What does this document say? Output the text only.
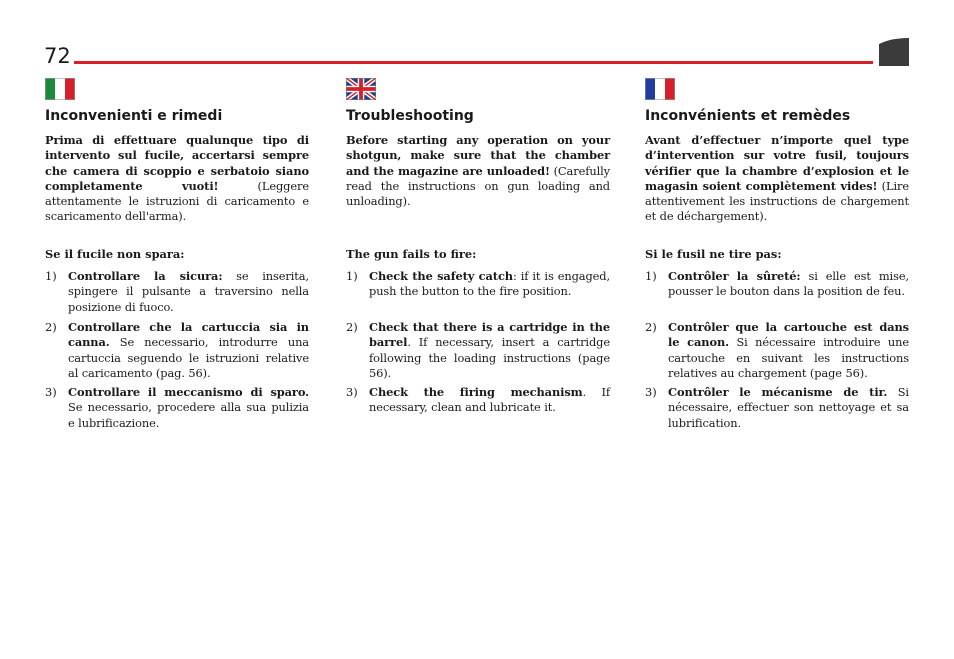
72
Inconvenienti e rimedi

Prima di effettuare qualunque tipo di intervento sul fucile, accertarsi sempre che camera di scoppio e serbatoio siano completamente vuoti! (Leggere attentamente le istruzioni di caricamento e scaricamento dell'arma).

Se il fucile non spara:
1) Controllare la sicura: se inserita, spingere il pulsante a traversino nella posizione di fuoco.

2) Controllare che la cartuccia sia in canna. Se necessario, introdurre una cartuccia seguendo le istruzioni relative al caricamento (pag. 56).

3) Controllare il meccanismo di sparo. Se necessario, procedere alla sua pulizia e lubrificazione.

Troubleshooting

Before starting any operation on your shotgun, make sure that the chamber and the magazine are unloaded! (Carefully read the instructions on gun loading and unloading).

The gun fails to fire:
1) Check the safety catch: if it is engaged, push the button to the fire position.

2) Check that there is a cartridge in the barrel. If necessary, insert a cartridge following the loading instructions (page 56).

3) Check the firing mechanism. If necessary, clean and lubricate it.

Inconvénients et remèdes

Avant d’effectuer n’importe quel type d’intervention sur votre fusil, toujours vérifier que la chambre d’explosion et le magasin soient complètement vides! (Lire attentivement les instructions de chargement et de déchargement).

Si le fusil ne tire pas:
1) Contrôler la sûreté: si elle est mise, pousser le bouton dans la position de feu.

2) Contrôler que la cartouche est dans le canon. Si nécessaire introduire une cartouche en suivant les instructions relatives au chargement (page 56).

3) Contrôler le mécanisme de tir. Si nécessaire, effectuer son nettoyage et sa lubrification.
